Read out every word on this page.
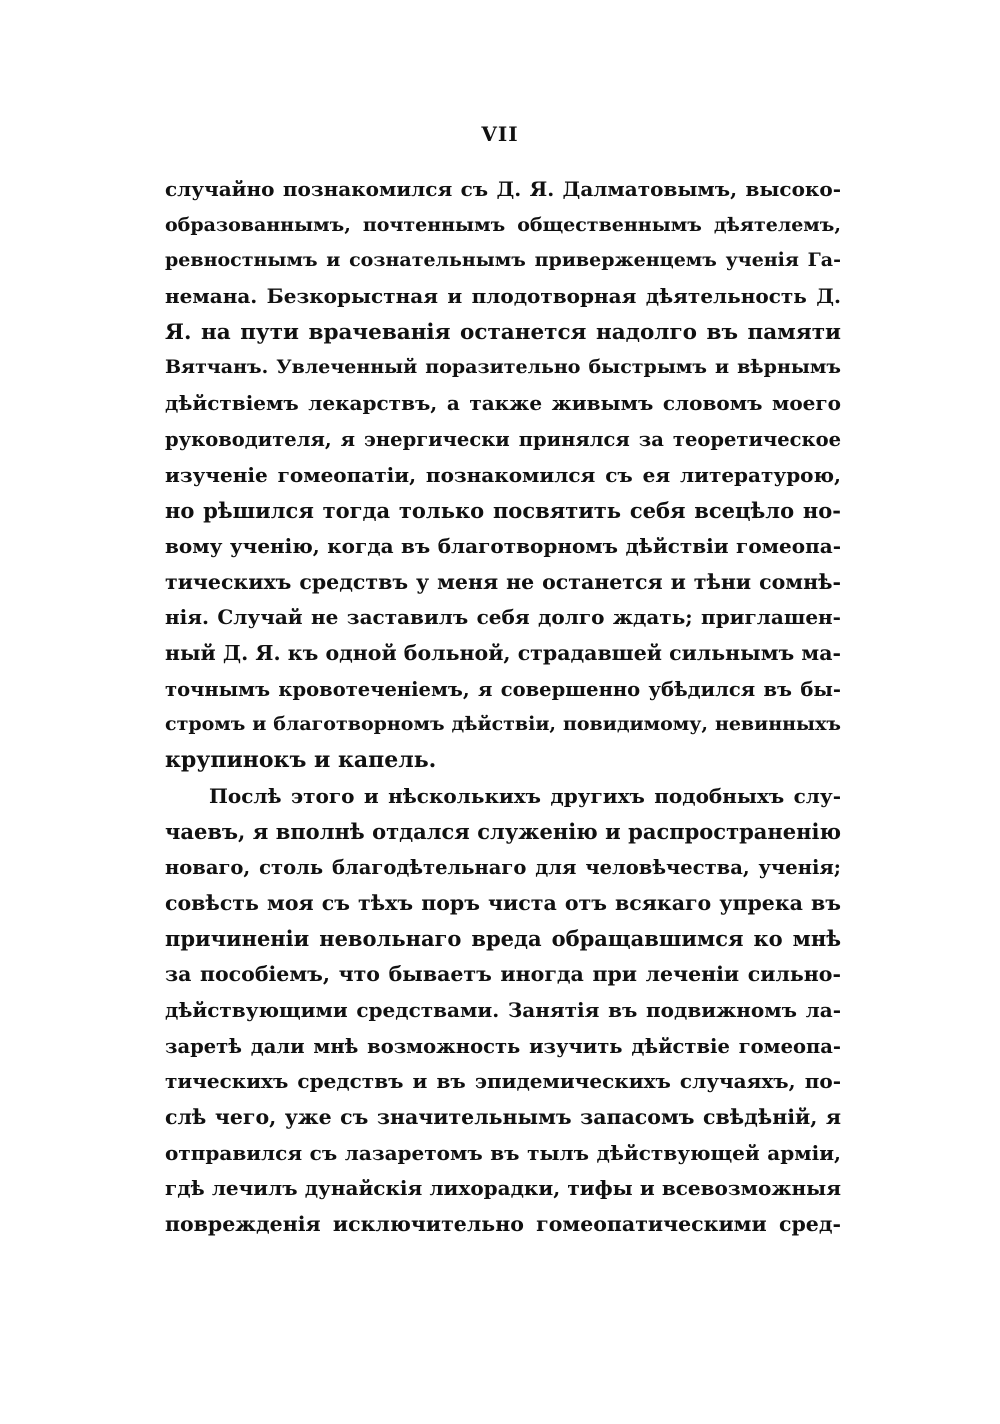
VII
случайно познакомился съ Д. Я. Далматовымъ, высоко-
образованнымъ, почтеннымъ общественнымъ дѣятелемъ,
ревностнымъ и сознательнымъ приверженцемъ ученія Га-
немана. Безкорыстная и плодотворная дѣятельность Д.
Я. на пути врачеванія останется надолго въ памяти
Вятчанъ. Увлеченный поразительно быстрымъ и вѣрнымъ
дѣйствіемъ лекарствъ, а также живымъ словомъ моего
руководителя, я энергически принялся за теоретическое
изученіе гомеопатіи, познакомился съ ея литературою,
но рѣшился тогда только посвятить себя всецѣло но-
вому ученію, когда въ благотворномъ дѣйствіи гомеопа-
тическихъ средствъ у меня не останется и тѣни сомнѣ-
нія. Случай не заставилъ себя долго ждать; приглашен-
ный Д. Я. къ одной больной, страдавшей сильнымъ ма-
точнымъ кровотеченіемъ, я совершенно убѣдился въ бы-
стромъ и благотворномъ дѣйствіи, повидимому, невинныхъ
крупинокъ и капель.
Послѣ этого и нѣсколькихъ другихъ подобныхъ слу-
чаевъ, я вполнѣ отдался служенію и распространенію
новаго, столь благодѣтельнаго для человѣчества, ученія;
совѣсть моя съ тѣхъ поръ чиста отъ всякаго упрека въ
причиненіи невольнаго вреда обращавшимся ко мнѣ
за пособіемъ, что бываетъ иногда при леченіи сильно-
дѣйствующими средствами. Занятія въ подвижномъ ла-
заретѣ дали мнѣ возможность изучить дѣйствіе гомеопа-
тическихъ средствъ и въ эпидемическихъ случаяхъ, по-
слѣ чего, уже съ значительнымъ запасомъ свѣдѣній, я
отправился съ лазаретомъ въ тылъ дѣйствующей арміи,
гдѣ лечилъ дунайскія лихорадки, тифы и всевозможныя
поврежденія исключительно гомеопатическими сред-
